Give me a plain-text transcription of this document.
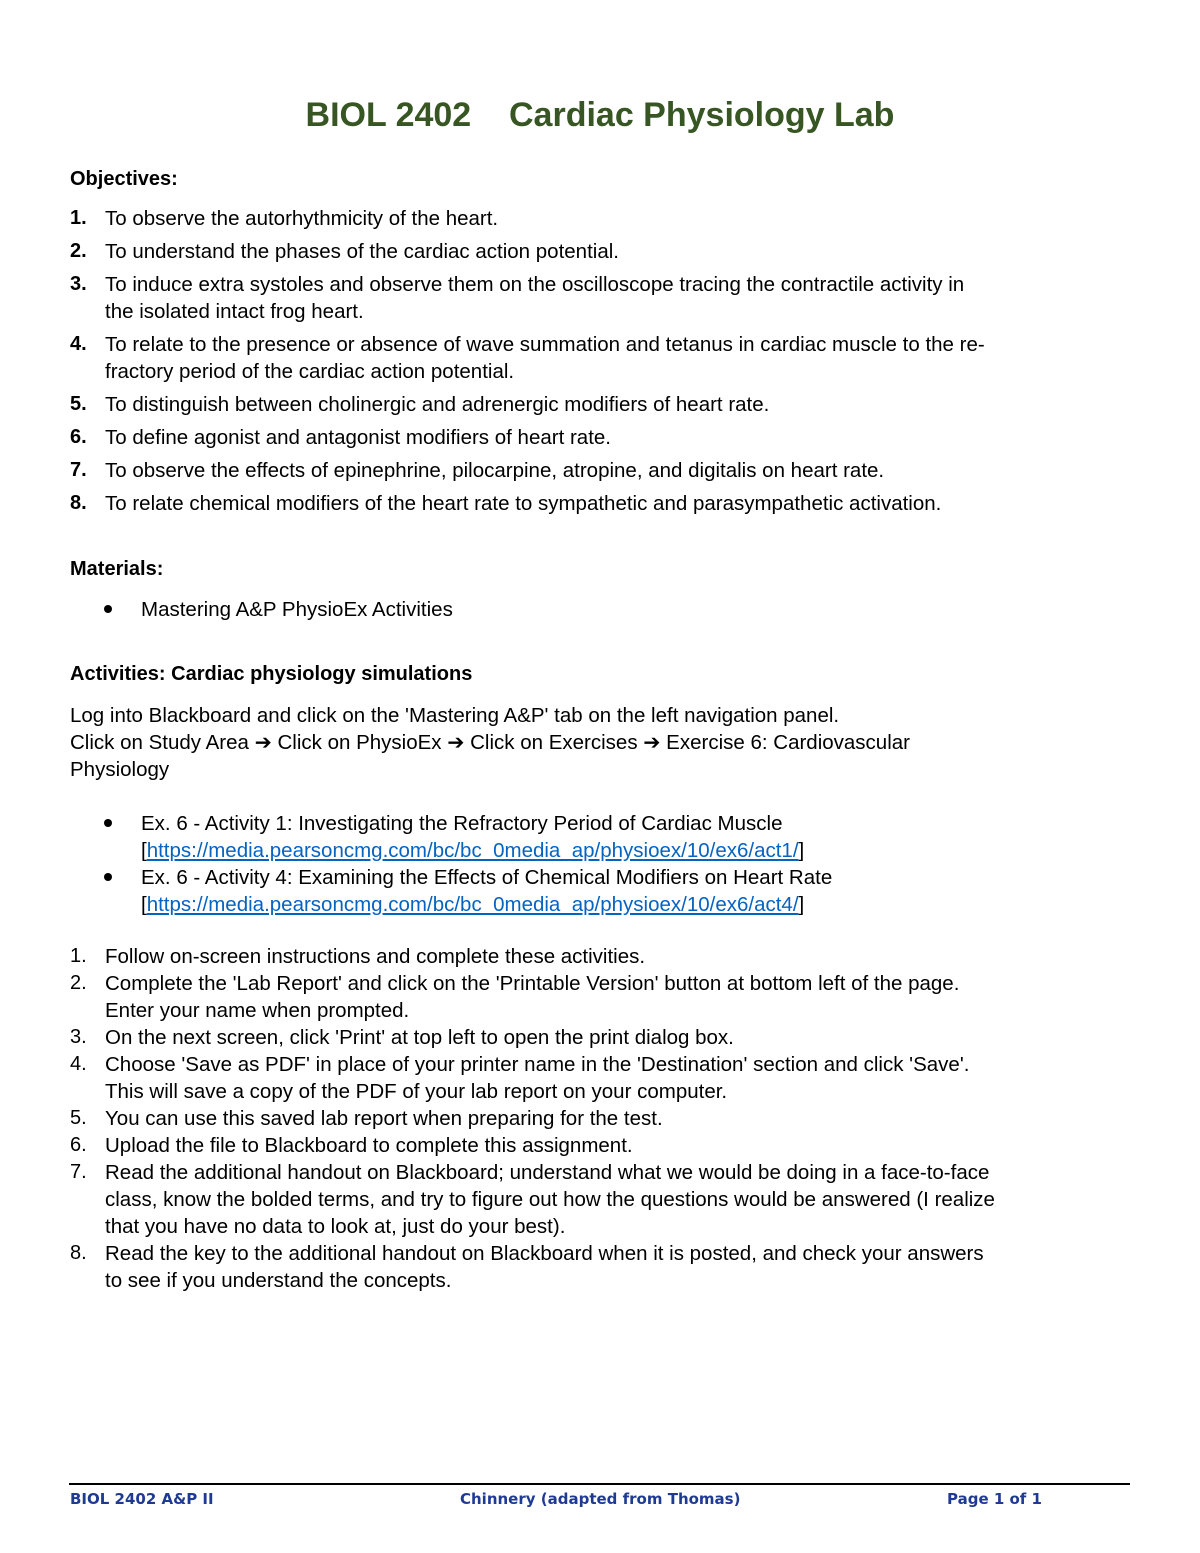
BIOL 2402    Cardiac Physiology Lab
Objectives:
1. To observe the autorhythmicity of the heart.
2. To understand the phases of the cardiac action potential.
3. To induce extra systoles and observe them on the oscilloscope tracing the contractile activity in
the isolated intact frog heart.
4. To relate to the presence or absence of wave summation and tetanus in cardiac muscle to the re-
fractory period of the cardiac action potential.
5. To distinguish between cholinergic and adrenergic modifiers of heart rate.
6. To define agonist and antagonist modifiers of heart rate.
7. To observe the effects of epinephrine, pilocarpine, atropine, and digitalis on heart rate.
8. To relate chemical modifiers of the heart rate to sympathetic and parasympathetic activation.
Materials:
Mastering A&P PhysioEx Activities
Activities: Cardiac physiology simulations
Log into Blackboard and click on the 'Mastering A&P' tab on the left navigation panel.
Click on Study Area ➔ Click on PhysioEx ➔ Click on Exercises ➔ Exercise 6: Cardiovascular
Physiology
Ex. 6 - Activity 1: Investigating the Refractory Period of Cardiac Muscle
[https://media.pearsoncmg.com/bc/bc_0media_ap/physioex/10/ex6/act1/]
Ex. 6 - Activity 4: Examining the Effects of Chemical Modifiers on Heart Rate
[https://media.pearsoncmg.com/bc/bc_0media_ap/physioex/10/ex6/act4/]
1. Follow on-screen instructions and complete these activities.
2. Complete the 'Lab Report' and click on the 'Printable Version' button at bottom left of the page.
Enter your name when prompted.
3. On the next screen, click 'Print' at top left to open the print dialog box.
4. Choose 'Save as PDF' in place of your printer name in the 'Destination' section and click 'Save'.
This will save a copy of the PDF of your lab report on your computer.
5. You can use this saved lab report when preparing for the test.
6. Upload the file to Blackboard to complete this assignment.
7. Read the additional handout on Blackboard; understand what we would be doing in a face-to-face
class, know the bolded terms, and try to figure out how the questions would be answered (I realize
that you have no data to look at, just do your best).
8. Read the key to the additional handout on Blackboard when it is posted, and check your answers
to see if you understand the concepts.
BIOL 2402 A&P II	Chinnery (adapted from Thomas)	Page 1 of 1
